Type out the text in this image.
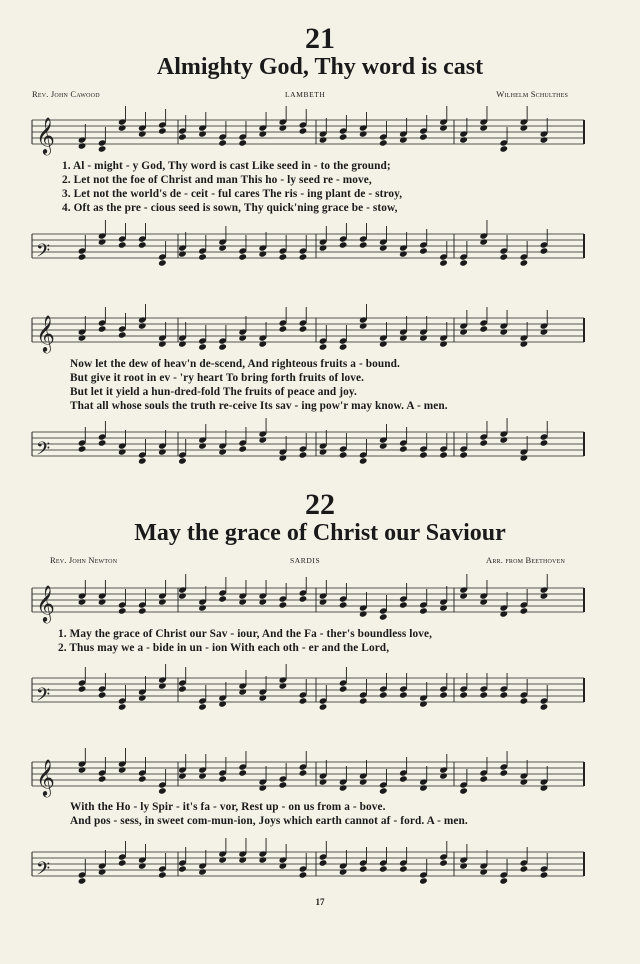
21
Almighty God, Thy word is cast
Rev. John Cawood	LAMBETH	Wilhelm Schulthes
𝄞
1. Al - might - y God, Thy word is cast Like seed in - to the ground;
2. Let not the foe of Christ and man This ho - ly seed re - move,
3. Let not the world's de - ceit - ful cares The ris - ing plant de - stroy,
4. Oft as the pre - cious seed is sown, Thy quick'ning grace be - stow,
𝄢
𝄞
Now let the dew of heav'n de-scend, And righteous fruits a - bound.
But give it root in ev - 'ry heart To bring forth fruits of love.
But let it yield a hun-dred-fold The fruits of peace and joy.
That all whose souls the truth re-ceive Its sav - ing pow'r may know. A - men.
𝄢
22
May the grace of Christ our Saviour
Rev. John Newton	SARDIS	Arr. from Beethoven
𝄞
1. May the grace of Christ our Sav - iour, And the Fa - ther's boundless love,
2. Thus may we a - bide in un - ion With each oth - er and the Lord,
𝄢
𝄞
With the Ho - ly Spir - it's fa - vor, Rest up - on us from a - bove.
And pos - sess, in sweet com-mun-ion, Joys which earth cannot af - ford. A - men.
𝄢
17
